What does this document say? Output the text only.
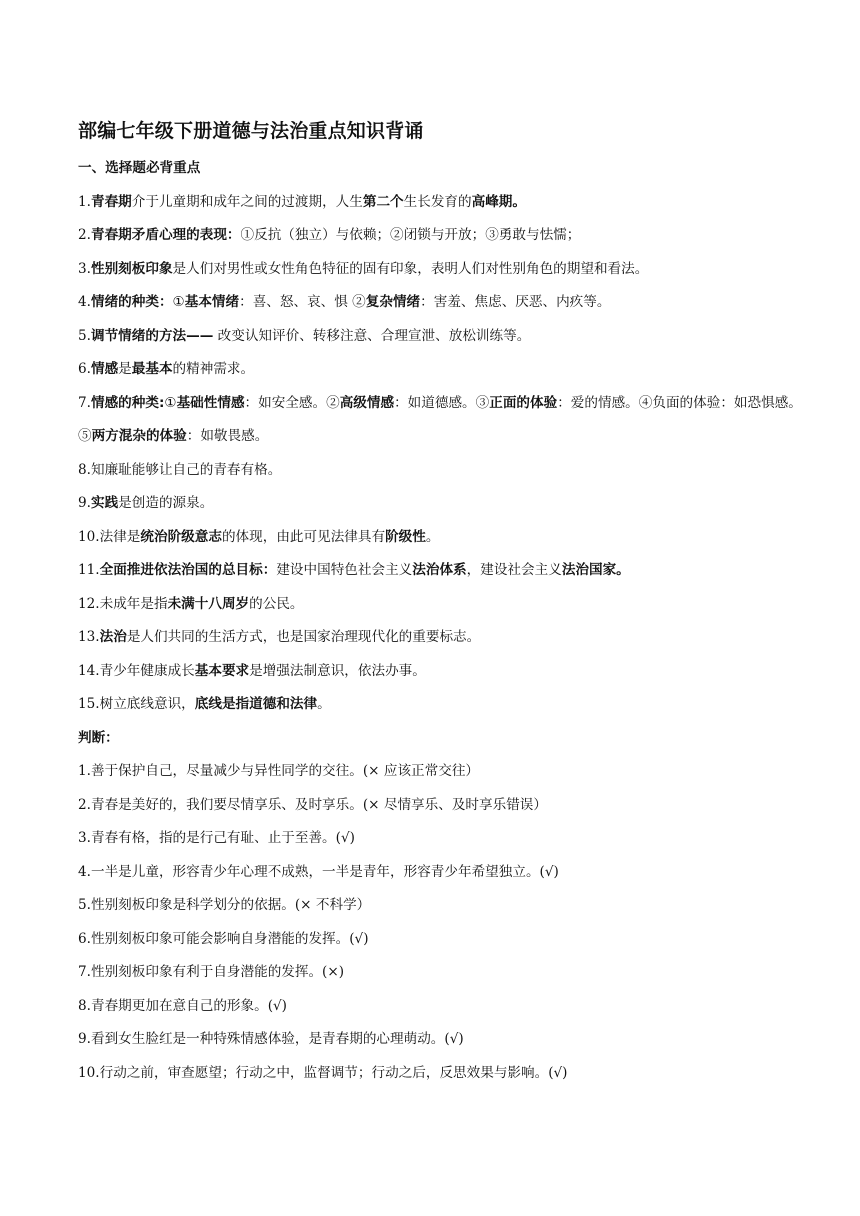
部编七年级下册道德与法治重点知识背诵
一、选择题必背重点
1.青春期介于儿童期和成年之间的过渡期，人生第二个生长发育的高峰期。
2.青春期矛盾心理的表现：①反抗（独立）与依赖；②闭锁与开放；③勇敢与怯懦；
3.性别刻板印象是人们对男性或女性角色特征的固有印象，表明人们对性别角色的期望和看法。
4.情绪的种类：①基本情绪：喜、怒、哀、惧 ②复杂情绪：害羞、焦虑、厌恶、内疚等。
5.调节情绪的方法—— 改变认知评价、转移注意、合理宣泄、放松训练等。
6.情感是最基本的精神需求。
7.情感的种类:①基础性情感：如安全感。②高级情感：如道德感。③正面的体验：爱的情感。④负面的体验：如恐惧感。⑤两方混杂的体验：如敬畏感。
8.知廉耻能够让自己的青春有格。
9.实践是创造的源泉。
10.法律是统治阶级意志的体现，由此可见法律具有阶级性。
11.全面推进依法治国的总目标：建设中国特色社会主义法治体系，建设社会主义法治国家。
12.未成年是指未满十八周岁的公民。
13.法治是人们共同的生活方式，也是国家治理现代化的重要标志。
14.青少年健康成长基本要求是增强法制意识，依法办事。
15.树立底线意识，底线是指道德和法律。
判断：
1.善于保护自己，尽量减少与异性同学的交往。(× 应该正常交往）
2.青春是美好的，我们要尽情享乐、及时享乐。(× 尽情享乐、及时享乐错误）
3.青春有格，指的是行己有耻、止于至善。(√)
4.一半是儿童，形容青少年心理不成熟，一半是青年，形容青少年希望独立。(√)
5.性别刻板印象是科学划分的依据。(× 不科学）
6.性别刻板印象可能会影响自身潜能的发挥。(√)
7.性别刻板印象有利于自身潜能的发挥。(×)
8.青春期更加在意自己的形象。(√)
9.看到女生脸红是一种特殊情感体验，是青春期的心理萌动。(√)
10.行动之前，审查愿望；行动之中，监督调节；行动之后，反思效果与影响。(√)
